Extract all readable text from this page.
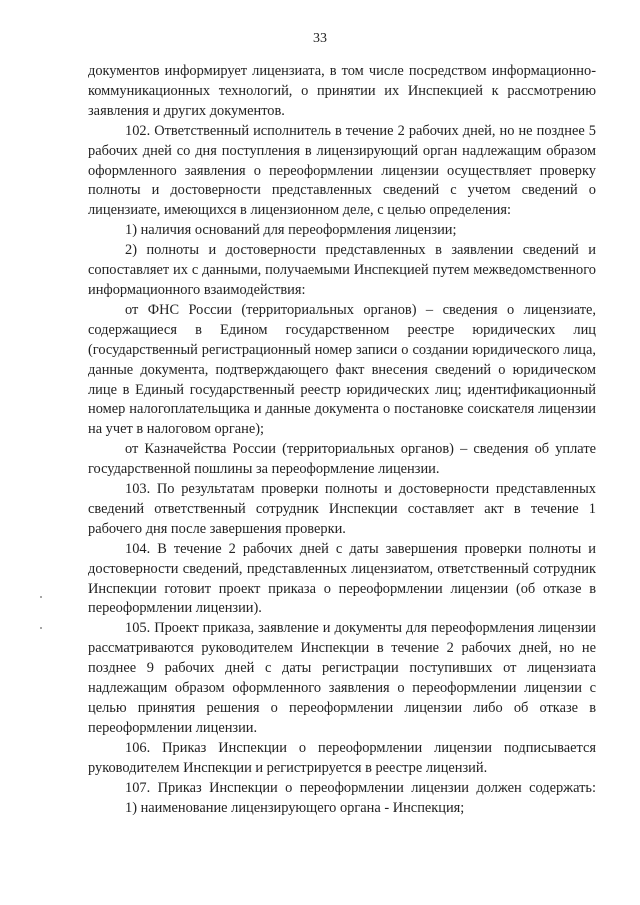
33

документов информирует лицензиата, в том числе посредством информационно-коммуникационных технологий, о принятии их Инспекцией к рассмотрению заявления и других документов.

102. Ответственный исполнитель в течение 2 рабочих дней, но не позднее 5 рабочих дней со дня поступления в лицензирующий орган надлежащим образом оформленного заявления о переоформлении лицензии осуществляет проверку полноты и достоверности представленных сведений с учетом сведений о лицензиате, имеющихся в лицензионном деле, с целью определения:

1) наличия оснований для переоформления лицензии;

2) полноты и достоверности представленных в заявлении сведений и сопоставляет их с данными, получаемыми Инспекцией путем межведомственного информационного взаимодействия:

от ФНС России (территориальных органов) – сведения о лицензиате, содержащиеся в Едином государственном реестре юридических лиц (государственный регистрационный номер записи о создании юридического лица, данные документа, подтверждающего факт внесения сведений о юридическом лице в Единый государственный реестр юридических лиц; идентификационный номер налогоплательщика и данные документа о постановке соискателя лицензии на учет в налоговом органе);

от Казначейства России (территориальных органов) – сведения об уплате государственной пошлины за переоформление лицензии.

103. По результатам проверки полноты и достоверности представленных сведений ответственный сотрудник Инспекции составляет акт в течение 1 рабочего дня после завершения проверки.

104. В течение 2 рабочих дней с даты завершения проверки полноты и достоверности сведений, представленных лицензиатом, ответственный сотрудник Инспекции готовит проект приказа о переоформлении лицензии (об отказе в переоформлении лицензии).

105. Проект приказа, заявление и документы для переоформления лицензии рассматриваются руководителем Инспекции в течение 2 рабочих дней, но не позднее 9 рабочих дней с даты регистрации поступивших от лицензиата надлежащим образом оформленного заявления о переоформлении лицензии с целью принятия решения о переоформлении лицензии либо об отказе в переоформлении лицензии.

106. Приказ Инспекции о переоформлении лицензии подписывается руководителем Инспекции и регистрируется в реестре лицензий.

107. Приказ Инспекции о переоформлении лицензии должен содержать:

1) наименование лицензирующего органа - Инспекция;
